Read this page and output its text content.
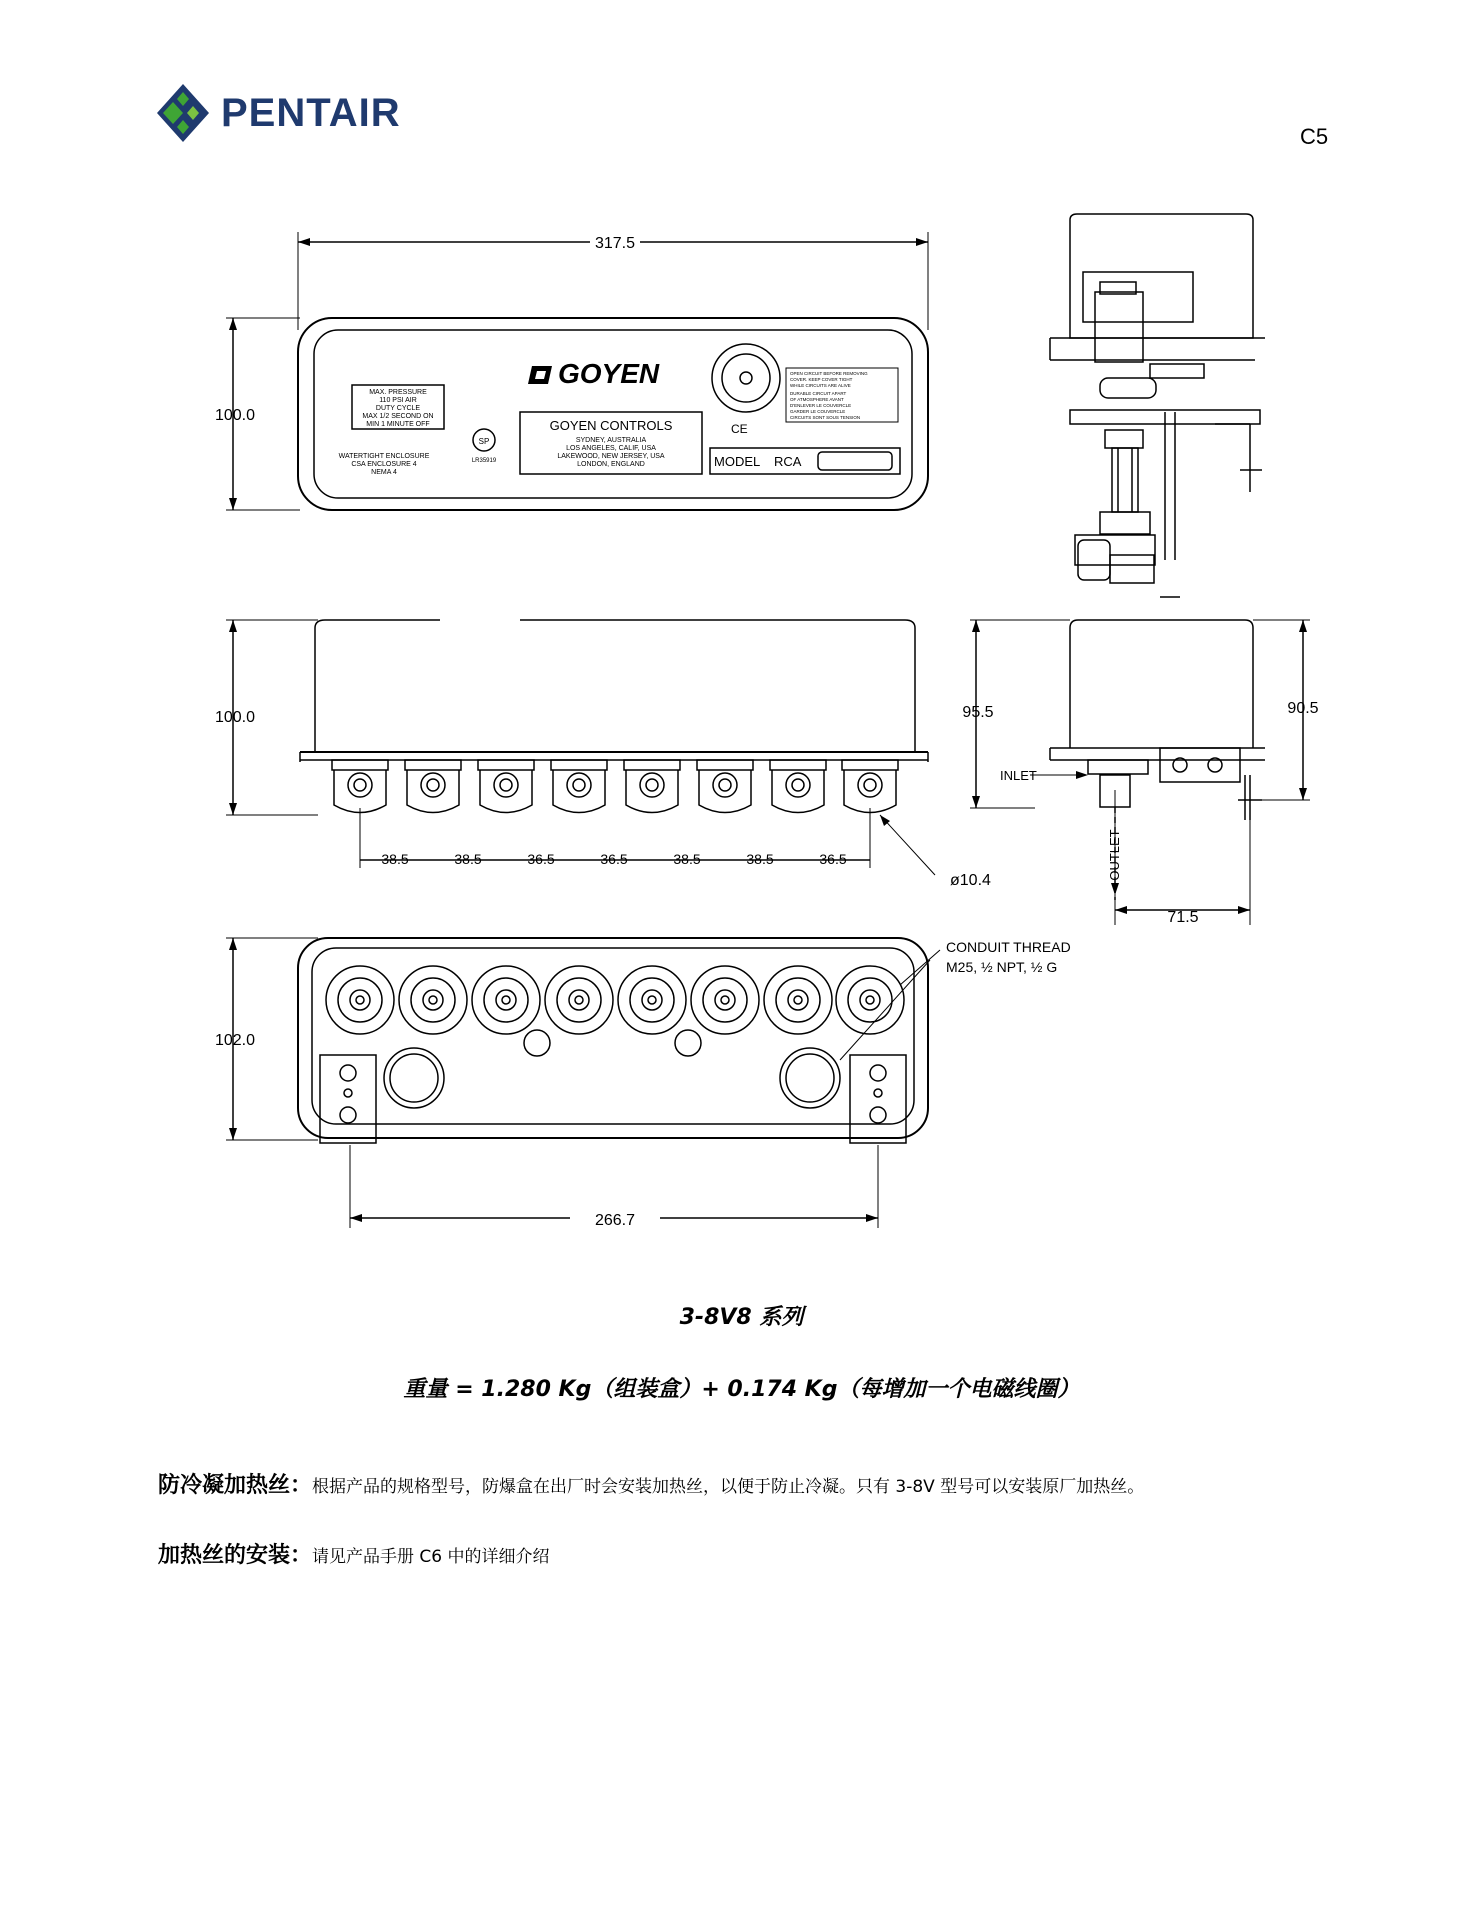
PENTAIR
C5
317.5
100.0
100.0
102.0
ø10.4
266.7
95.5	90.5
71.5
INLET
OUTLET
CONDUIT THREAD
M25, ½ NPT, ½ G
38.5	38.5	36.5	36.5	38.5	38.5	36.5
GOYEN
GOYEN CONTROLS
SYDNEY, AUSTRALIA
LOS ANGELES, CALIF, USA
LAKEWOOD, NEW JERSEY, USA
LONDON, ENGLAND	MODEL RCA
CE
SP
LR35919
MAX. PRESSURE
110 PSI AIR
DUTY CYCLE
MAX 1/2 SECOND ON
MIN 1 MINUTE OFF
WATERTIGHT ENCLOSURE
CSA ENCLOSURE 4
NEMA 4
OPEN CIRCUIT BEFORE REMOVING
COVER. KEEP COVER TIGHT
WHILE CIRCUITS ARE ALIVE
DURABLE CIRCUIT APART
OF ATMOSPHERE AVANT
D'ENLEVER LE COUVERCLE
GARDER LE COUVERCLE
CIRCUITS SONT SOUS TENSION
3-8V8 系列
重量 = 1.280 Kg（组装盒）+ 0.174 Kg（每增加一个电磁线圈）
防冷凝加热丝：根据产品的规格型号，防爆盒在出厂时会安装加热丝，以便于防止冷凝。只有 3-8V 型号可以安装原厂加热丝。
加热丝的安装：请见产品手册 C6 中的详细介绍
